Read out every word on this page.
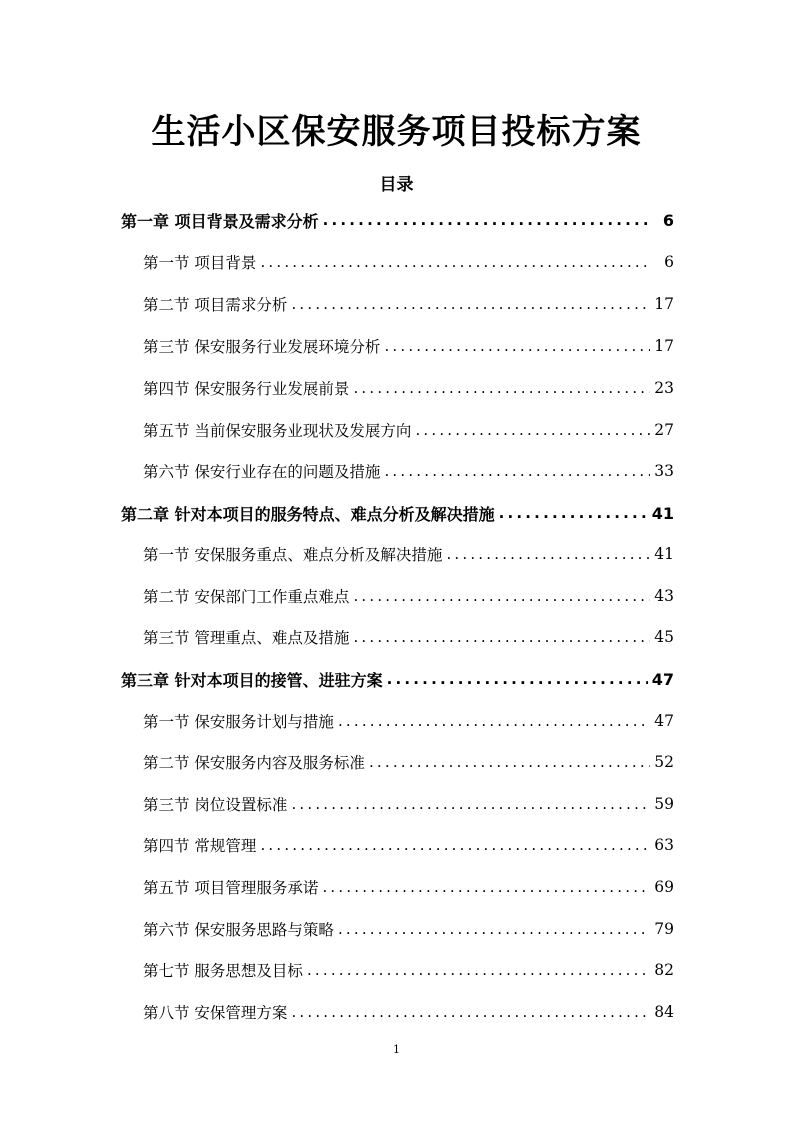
生活小区保安服务项目投标方案
目录
第一章 项目背景及需求分析 .....	6
第一节 项目背景 .....	6
第二节 项目需求分析 .....	17
第三节 保安服务行业发展环境分析 .....	17
第四节 保安服务行业发展前景 .....	23
第五节 当前保安服务业现状及发展方向 .....	27
第六节 保安行业存在的问题及措施 .....	33
第二章 针对本项目的服务特点、难点分析及解决措施 .....	41
第一节 安保服务重点、难点分析及解决措施 .....	41
第二节 安保部门工作重点难点 .....	43
第三节 管理重点、难点及措施 .....	45
第三章 针对本项目的接管、进驻方案 .....	47
第一节 保安服务计划与措施 .....	47
第二节 保安服务内容及服务标准 .....	52
第三节 岗位设置标准 .....	59
第四节 常规管理 .....	63
第五节 项目管理服务承诺 .....	69
第六节 保安服务思路与策略 .....	79
第七节 服务思想及目标 .....	82
第八节 安保管理方案 .....	84
1
